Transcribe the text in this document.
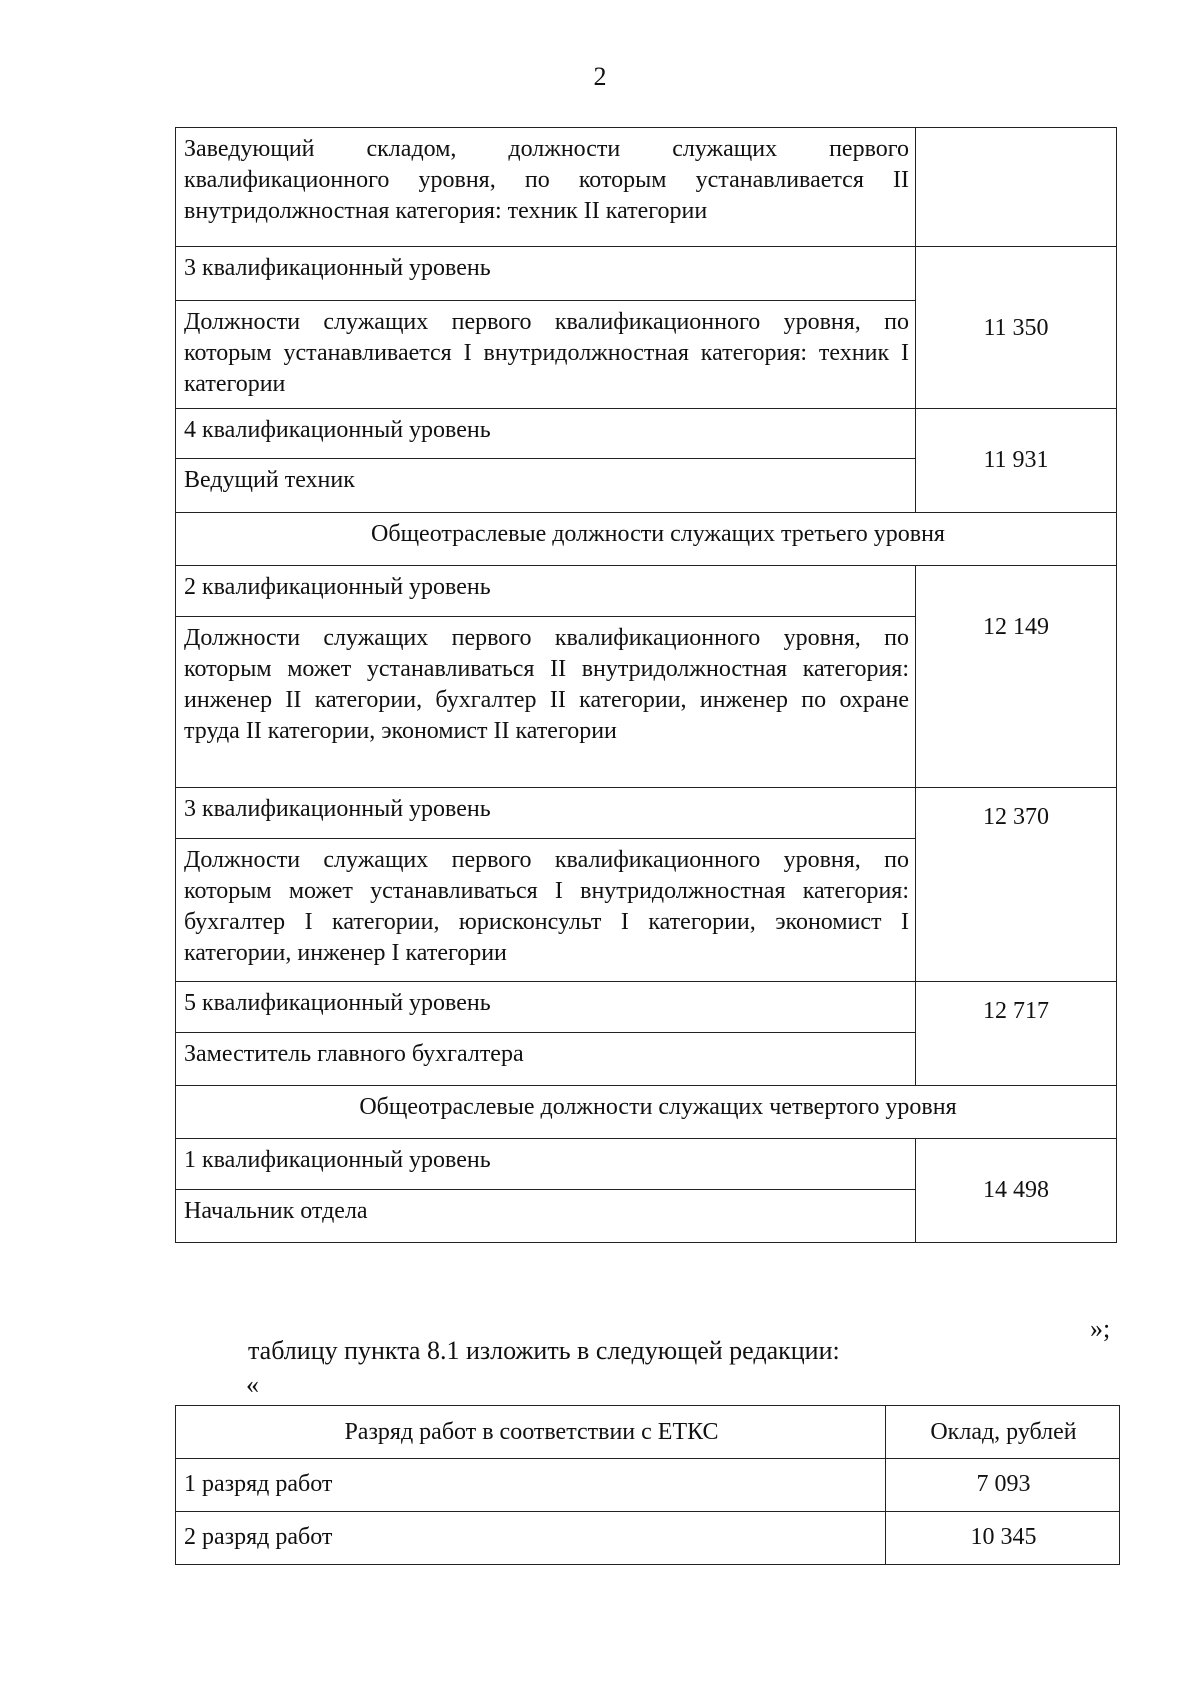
2
Заведующий складом, должности служащих первого квалификационного уровня, по которым устанавливается II внутридолжностная категория: техник II категории	
3 квалификационный уровень	11 350
Должности служащих первого квалификационного уровня, по которым устанавливается I внутридолжностная категория: техник I категории	
4 квалификационный уровень	11 931
Ведущий техник	
Общеотраслевые должности служащих третьего уровня	
2 квалификационный уровень	12 149
Должности служащих первого квалификационного уровня, по которым может устанавливаться II внутридолжностная категория: инженер II категории, бухгалтер II категории, инженер по охране труда II категории, экономист II категории	
3 квалификационный уровень	12 370
Должности служащих первого квалификационного уровня, по которым может устанавливаться I внутридолжностная категория: бухгалтер I категории, юрисконсульт I категории, экономист I категории, инженер I категории	
5 квалификационный уровень	12 717
Заместитель главного бухгалтера	
Общеотраслевые должности служащих четвертого уровня	
1 квалификационный уровень	14 498
Начальник отдела	
»;
таблицу пункта 8.1 изложить в следующей редакции:
«
Разряд работ в соответствии с ЕТКС	Оклад, рублей
1 разряд работ	7 093
2 разряд работ	10 345
